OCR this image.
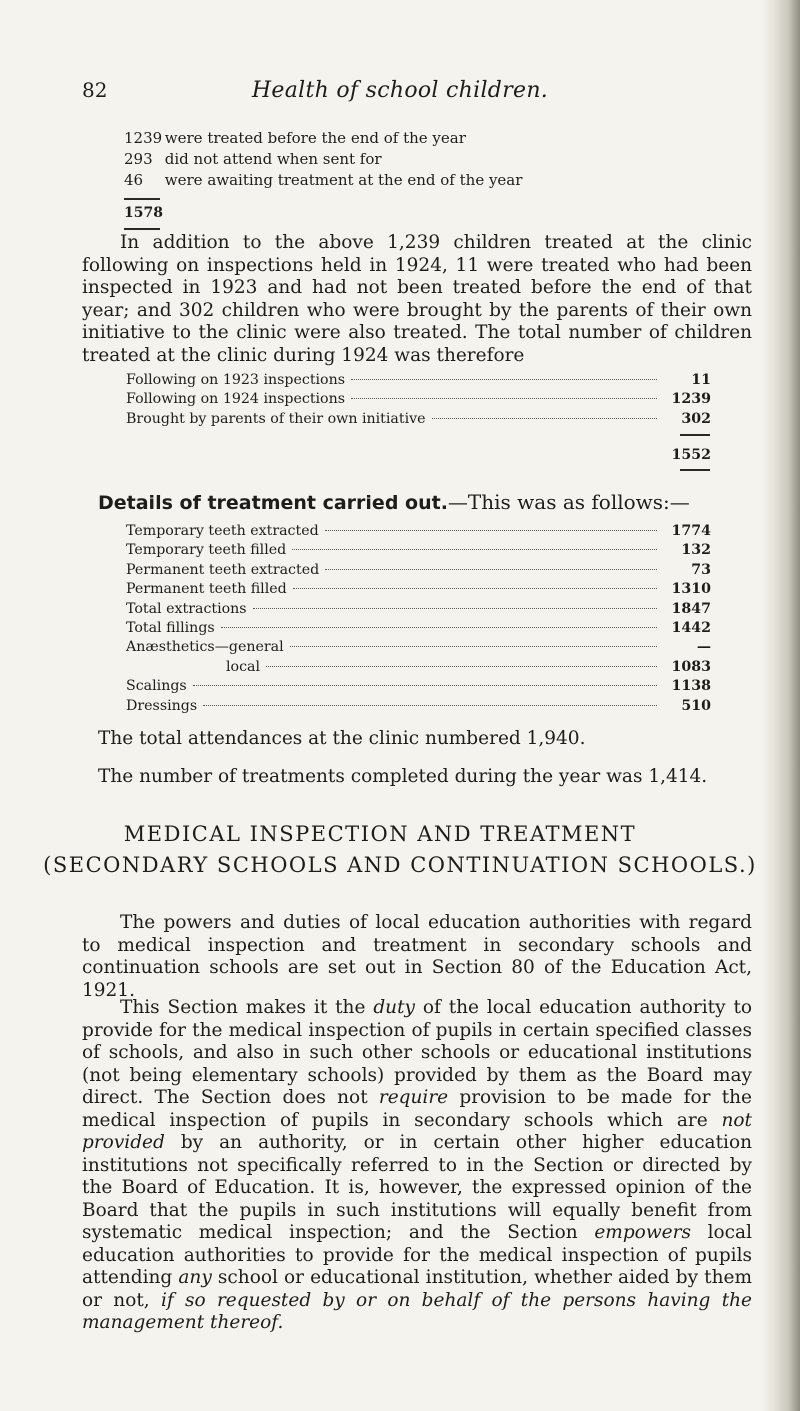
82	Health of school children.
1239 were treated before the end of the year
293 did not attend when sent for
46 were awaiting treatment at the end of the year
1578

In addition to the above 1,239 children treated at the clinic following on inspections held in 1924, 11 were treated who had been inspected in 1923 and had not been treated before the end of that year; and 302 children who were brought by the parents of their own initiative to the clinic were also treated. The total number of children treated at the clinic during 1924 was therefore

Following on 1923 inspections	11
Following on 1924 inspections	1239
Brought by parents of their own initiative	302
1552
Details of treatment carried out.—This was as follows:—
Temporary teeth extracted	1774
Temporary teeth filled	132
Permanent teeth extracted	73
Permanent teeth filled	1310
Total extractions	1847
Total fillings	1442
Anæsthetics—general	—
local	1083
Scalings	1138
Dressings	510
The total attendances at the clinic numbered 1,940.
The number of treatments completed during the year was 1,414.
MEDICAL INSPECTION AND TREATMENT
(SECONDARY SCHOOLS AND CONTINUATION SCHOOLS.)

The powers and duties of local education authorities with regard to medical inspection and treatment in secondary schools and continuation schools are set out in Section 80 of the Education Act, 1921.

This Section makes it the duty of the local education authority to provide for the medical inspection of pupils in certain specified classes of schools, and also in such other schools or educational institutions (not being elementary schools) provided by them as the Board may direct. The Section does not require provision to be made for the medical inspection of pupils in secondary schools which are not provided by an authority, or in certain other higher education institutions not specifically referred to in the Section or directed by the Board of Education. It is, however, the expressed opinion of the Board that the pupils in such institutions will equally benefit from systematic medical inspection; and the Section empowers local education authorities to provide for the medical inspection of pupils attending any school or educational institution, whether aided by them or not, if so requested by or on behalf of the persons having the management thereof.
